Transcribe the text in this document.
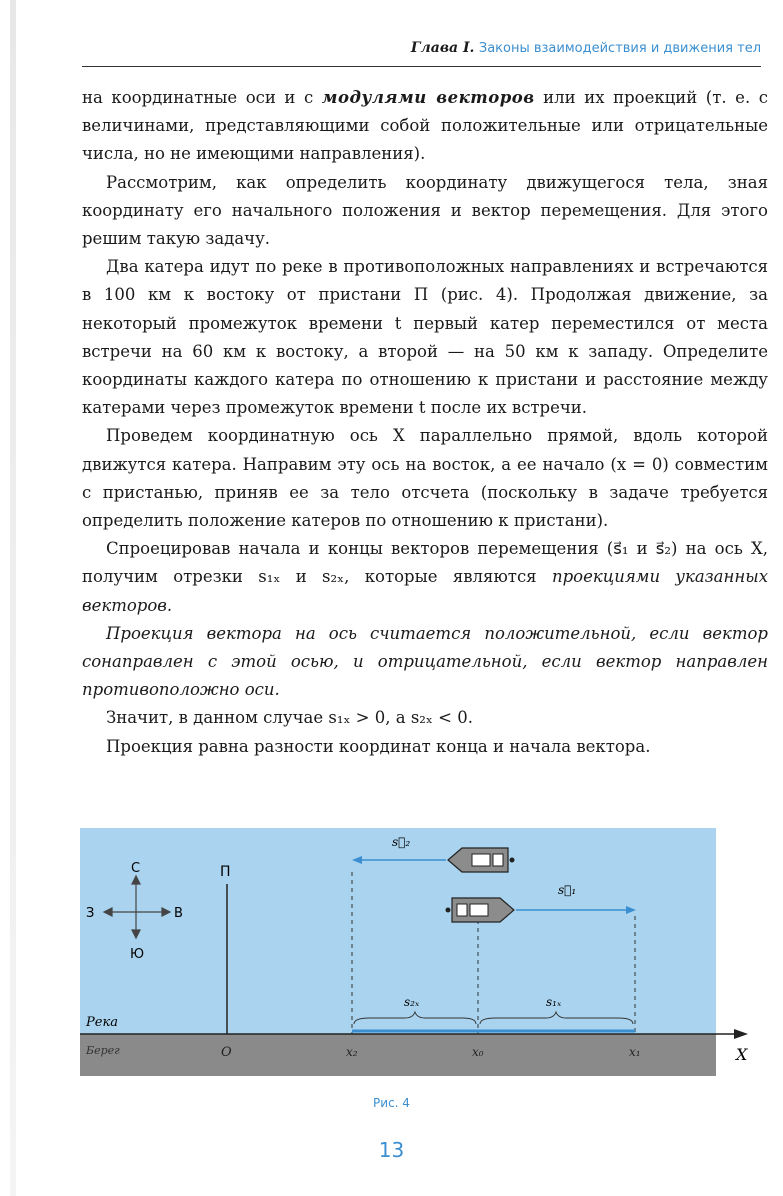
Глава I. Законы взаимодействия и движения тел

на координатные оси и с модулями векторов или их проекций (т. е. с величинами, представляющими собой положительные или отрицательные числа, но не имеющими направления).

Рассмотрим, как определить координату движущегося тела, зная координату его начального положения и вектор перемещения. Для этого решим такую задачу.

Два катера идут по реке в противоположных направлениях и встречаются в 100 км к востоку от пристани П (рис. 4). Продолжая движение, за некоторый промежуток времени t первый катер переместился от места встречи на 60 км к востоку, а второй — на 50 км к западу. Определите координаты каждого катера по отношению к пристани и расстояние между катерами через промежуток времени t после их встречи.

Проведем координатную ось X параллельно прямой, вдоль которой движутся катера. Направим эту ось на восток, а ее начало (x = 0) совместим с пристанью, приняв ее за тело отсчета (поскольку в задаче требуется определить положение катеров по отношению к пристани).

Спроецировав начала и концы векторов перемещения (s⃗₁ и s⃗₂) на ось X, получим отрезки s₁ₓ и s₂ₓ, которые являются проекциями указанных векторов.

Проекция вектора на ось считается положительной, если вектор сонаправлен с этой осью, и отрицательной, если вектор направлен противоположно оси.

Значит, в данном случае s₁ₓ > 0, а s₂ₓ < 0.

Проекция равна разности координат конца и начала вектора.

X
С
Ю
З	В
П
Река
Берег
s⃗₂
s⃗₁
s₂ₓ	s₁ₓ
O	x₂	x₀	x₁
Рис. 4
13
